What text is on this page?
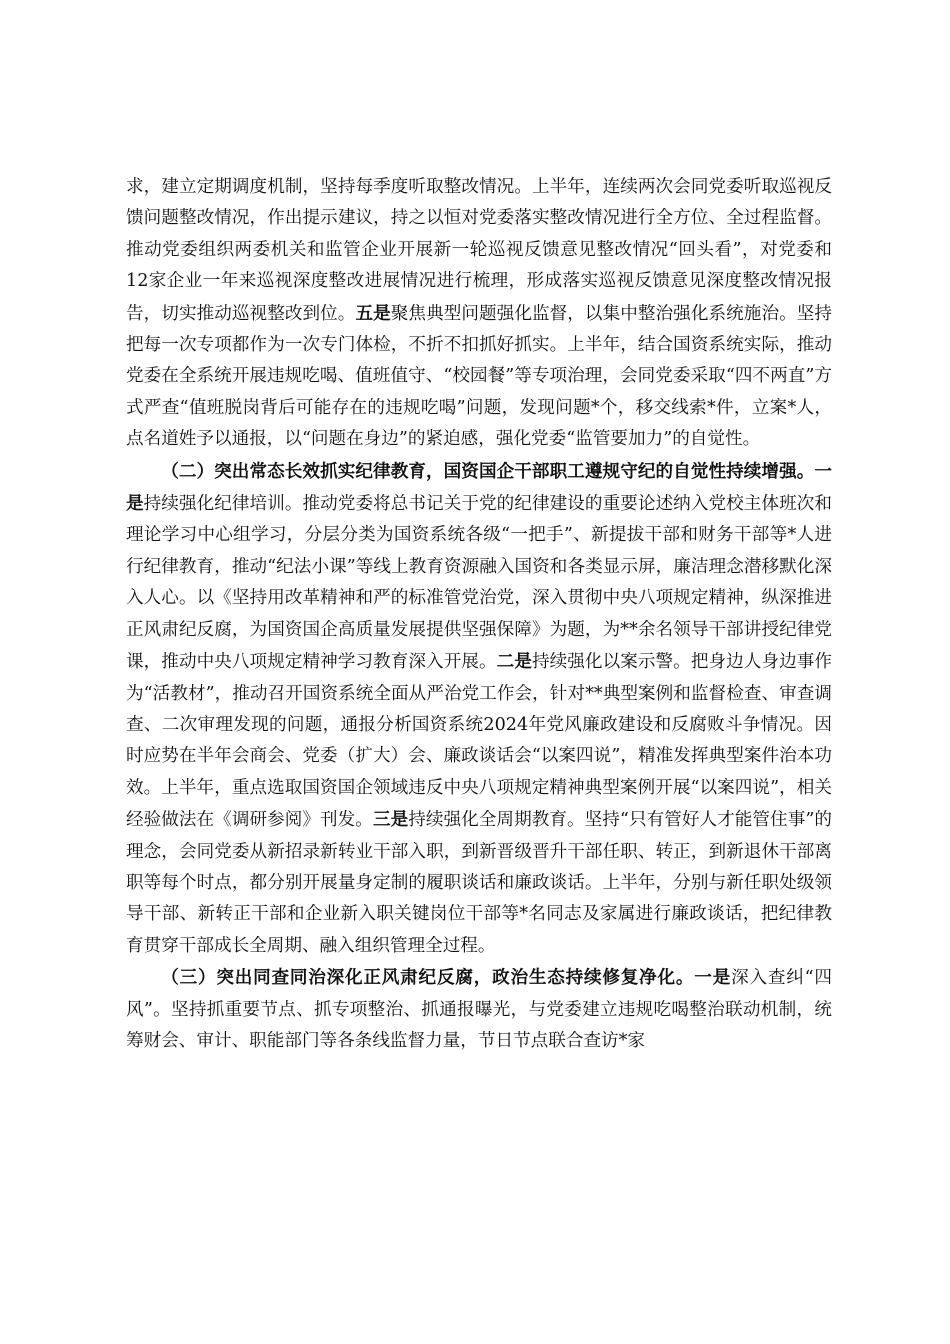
求，建立定期调度机制，坚持每季度听取整改情况。上半年，连续两次会同党委听取巡视反馈问题整改情况，作出提示建议，持之以恒对党委落实整改情况进行全方位、全过程监督。推动党委组织两委机关和监管企业开展新一轮巡视反馈意见整改情况“回头看”，对党委和12家企业一年来巡视深度整改进展情况进行梳理，形成落实巡视反馈意见深度整改情况报告，切实推动巡视整改到位。五是聚焦典型问题强化监督，以集中整治强化系统施治。坚持把每一次专项都作为一次专门体检，不折不扣抓好抓实。上半年，结合国资系统实际，推动党委在全系统开展违规吃喝、值班值守、“校园餐”等专项治理，会同党委采取“四不两直”方式严查“值班脱岗背后可能存在的违规吃喝”问题，发现问题*个，移交线索*件，立案*人，点名道姓予以通报，以“问题在身边”的紧迫感，强化党委“监管要加力”的自觉性。

（二）突出常态长效抓实纪律教育，国资国企干部职工遵规守纪的自觉性持续增强。一是持续强化纪律培训。推动党委将总书记关于党的纪律建设的重要论述纳入党校主体班次和理论学习中心组学习，分层分类为国资系统各级“一把手”、新提拔干部和财务干部等*人进行纪律教育，推动“纪法小课”等线上教育资源融入国资和各类显示屏，廉洁理念潜移默化深入人心。以《坚持用改革精神和严的标准管党治党，深入贯彻中央八项规定精神，纵深推进正风肃纪反腐，为国资国企高质量发展提供坚强保障》为题，为**余名领导干部讲授纪律党课，推动中央八项规定精神学习教育深入开展。二是持续强化以案示警。把身边人身边事作为“活教材”，推动召开国资系统全面从严治党工作会，针对**典型案例和监督检查、审查调查、二次审理发现的问题，通报分析国资系统2024年党风廉政建设和反腐败斗争情况。因时应势在半年会商会、党委（扩大）会、廉政谈话会“以案四说”，精准发挥典型案件治本功效。上半年，重点选取国资国企领域违反中央八项规定精神典型案例开展“以案四说”，相关经验做法在《调研参阅》刊发。三是持续强化全周期教育。坚持“只有管好人才能管住事”的理念，会同党委从新招录新转业干部入职，到新晋级晋升干部任职、转正，到新退休干部离职等每个时点，都分别开展量身定制的履职谈话和廉政谈话。上半年，分别与新任职处级领导干部、新转正干部和企业新入职关键岗位干部等*名同志及家属进行廉政谈话，把纪律教育贯穿干部成长全周期、融入组织管理全过程。

（三）突出同查同治深化正风肃纪反腐，政治生态持续修复净化。一是深入查纠“四风”。坚持抓重要节点、抓专项整治、抓通报曝光，与党委建立违规吃喝整治联动机制，统筹财会、审计、职能部门等各条线监督力量，节日节点联合查访*家
